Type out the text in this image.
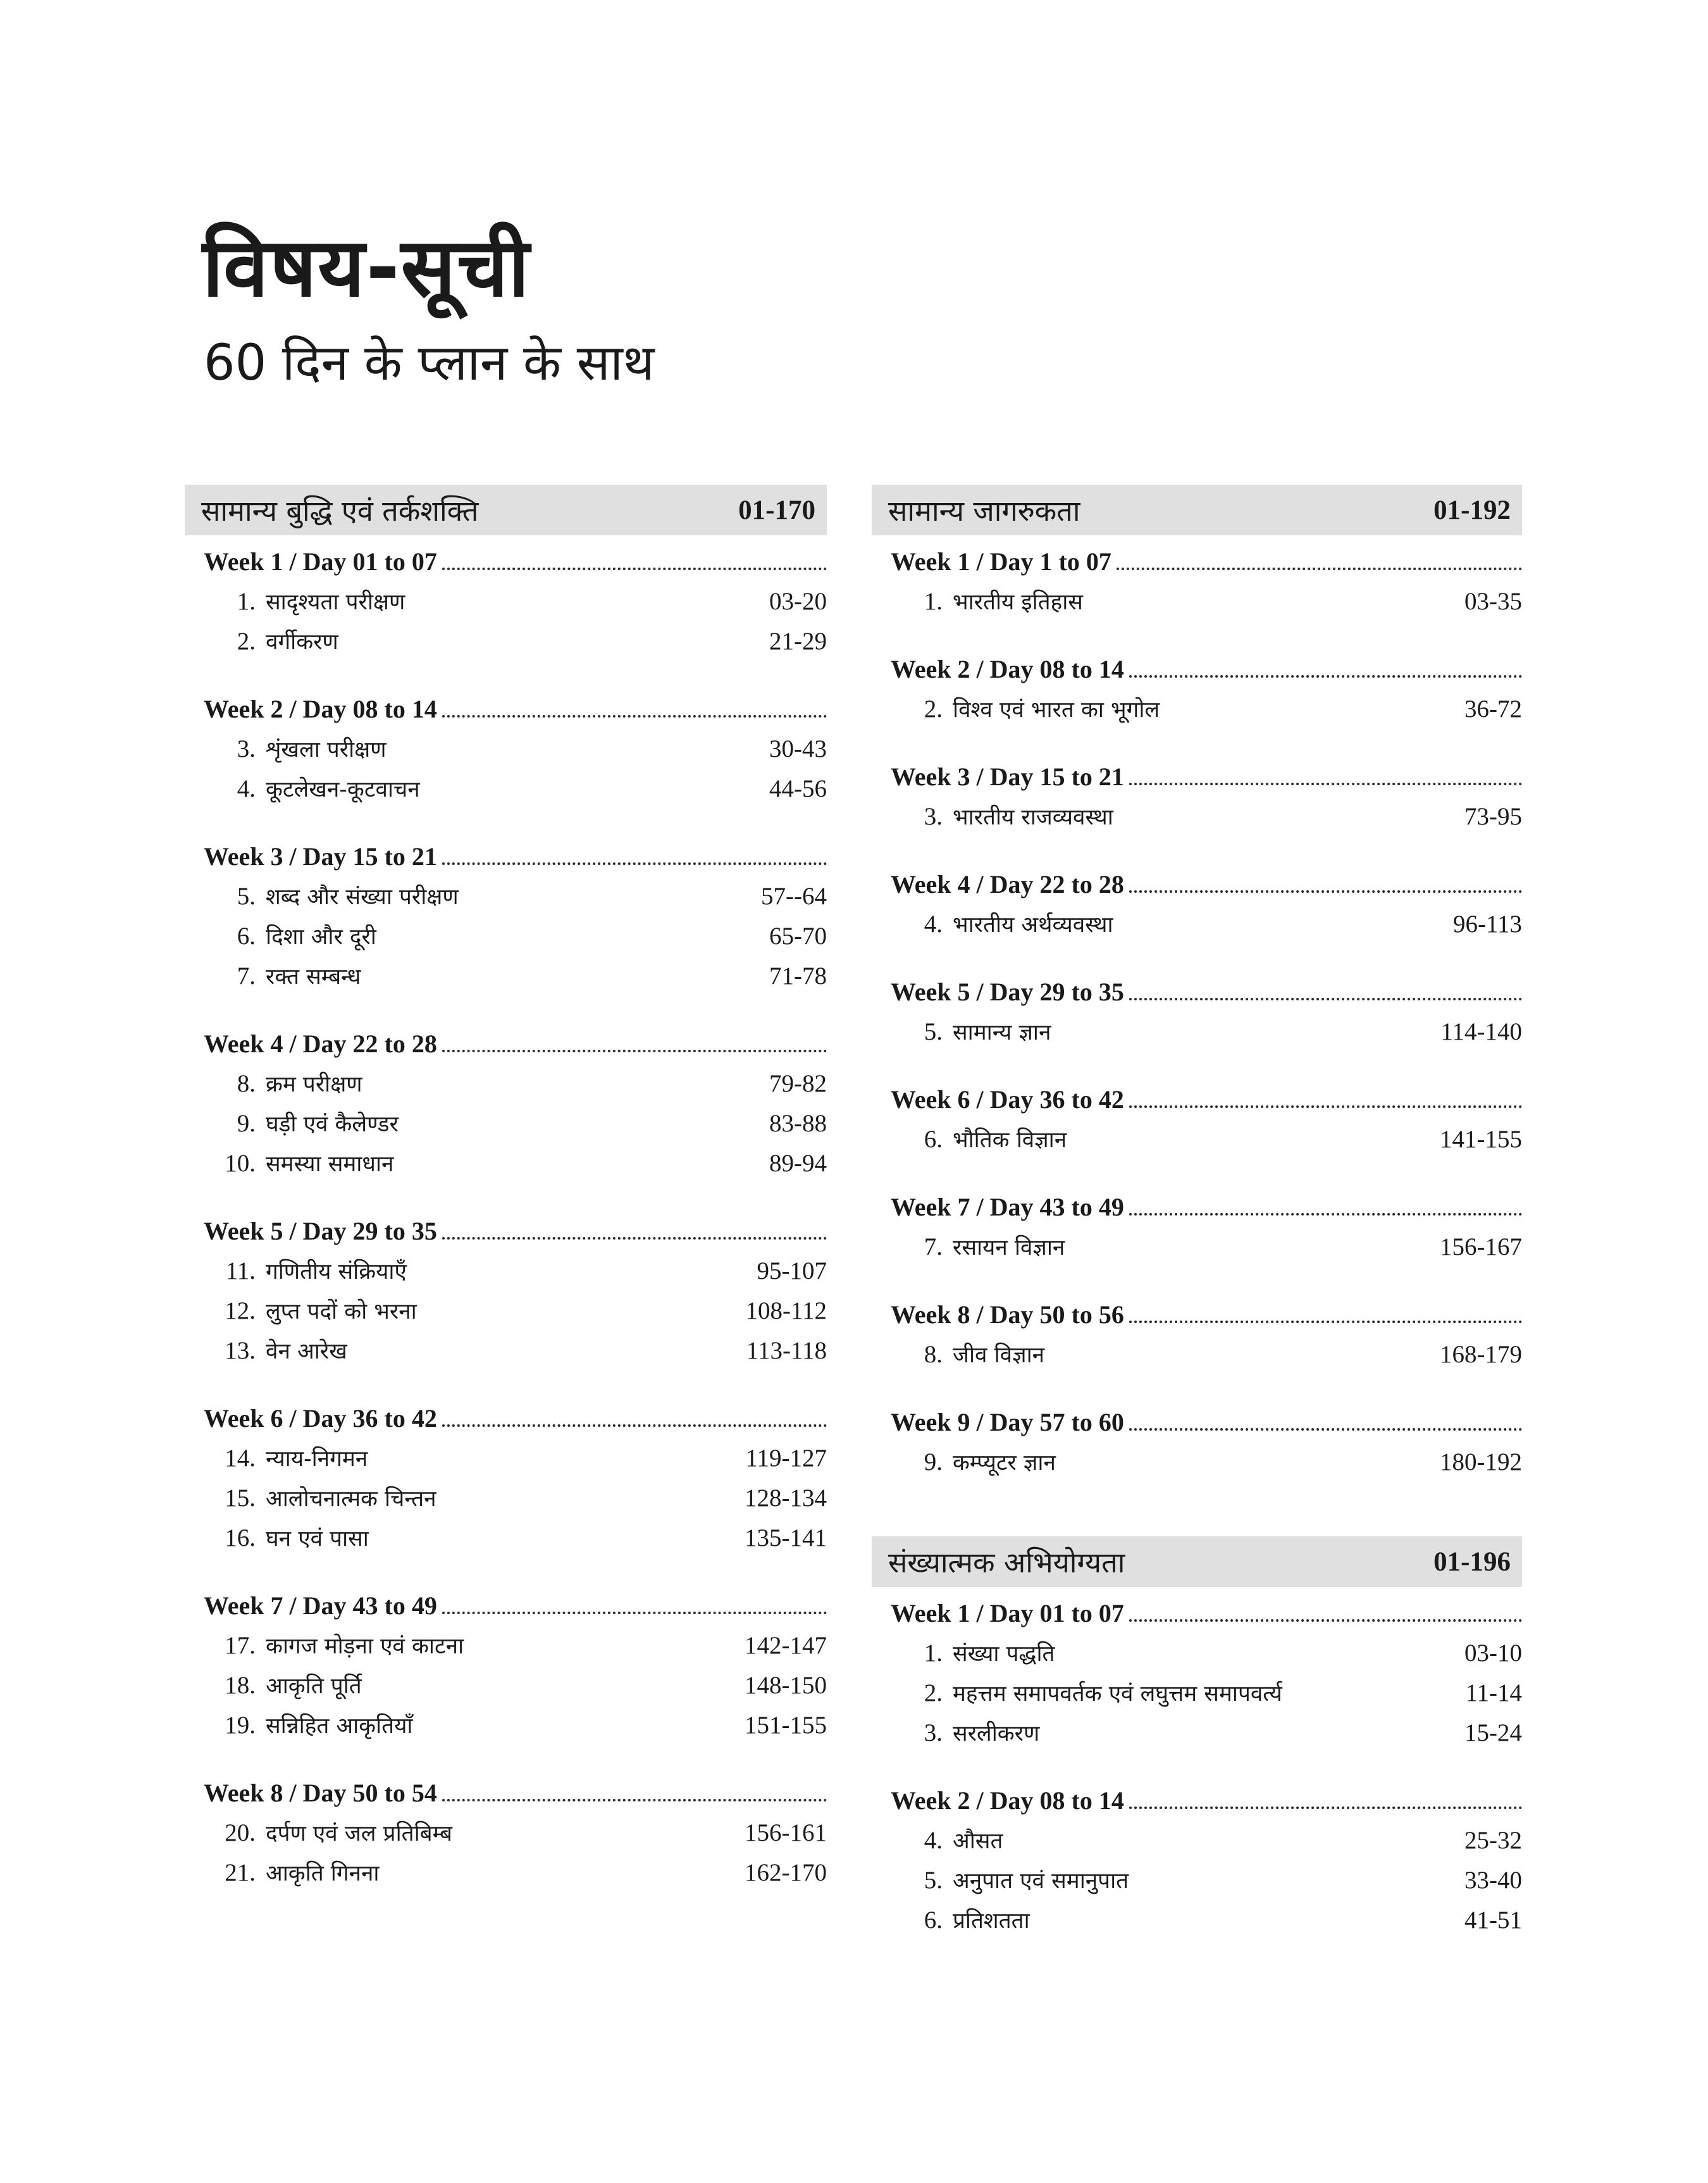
विषय-सूची
60 दिन के प्लान के साथ
सामान्य बुद्धि एवं तर्कशक्ति	01-170
Week 1 / Day 01 to 07
1. सादृश्यता परीक्षण	03-20
2. वर्गीकरण	21-29
Week 2 / Day 08 to 14
3. शृंखला परीक्षण	30-43
4. कूटलेखन-कूटवाचन	44-56
Week 3 / Day 15 to 21
5. शब्द और संख्या परीक्षण	57--64
6. दिशा और दूरी	65-70
7. रक्त सम्बन्ध	71-78
Week 4 / Day 22 to 28
8. क्रम परीक्षण	79-82
9. घड़ी एवं कैलेण्डर	83-88
10. समस्या समाधान	89-94
Week 5 / Day 29 to 35
11. गणितीय संक्रियाएँ	95-107
12. लुप्त पदों को भरना	108-112
13. वेन आरेख	113-118
Week 6 / Day 36 to 42
14. न्याय-निगमन	119-127
15. आलोचनात्मक चिन्तन	128-134
16. घन एवं पासा	135-141
Week 7 / Day 43 to 49
17. कागज मोड़ना एवं काटना	142-147
18. आकृति पूर्ति	148-150
19. सन्निहित आकृतियाँ	151-155
Week 8 / Day 50 to 54
20. दर्पण एवं जल प्रतिबिम्ब	156-161
21. आकृति गिनना	162-170
सामान्य जागरुकता	01-192
Week 1 / Day 1 to 07
1. भारतीय इतिहास	03-35
Week 2 / Day 08 to 14
2. विश्व एवं भारत का भूगोल	36-72
Week 3 / Day 15 to 21
3. भारतीय राजव्यवस्था	73-95
Week 4 / Day 22 to 28
4. भारतीय अर्थव्यवस्था	96-113
Week 5 / Day 29 to 35
5. सामान्य ज्ञान	114-140
Week 6 / Day 36 to 42
6. भौतिक विज्ञान	141-155
Week 7 / Day 43 to 49
7. रसायन विज्ञान	156-167
Week 8 / Day 50 to 56
8. जीव विज्ञान	168-179
Week 9 / Day 57 to 60
9. कम्प्यूटर ज्ञान	180-192
संख्यात्मक अभियोग्यता	01-196
Week 1 / Day 01 to 07
1. संख्या पद्धति	03-10
2. महत्तम समापवर्तक एवं लघुत्तम समापवर्त्य	11-14
3. सरलीकरण	15-24
Week 2 / Day 08 to 14
4. औसत	25-32
5. अनुपात एवं समानुपात	33-40
6. प्रतिशतता	41-51
